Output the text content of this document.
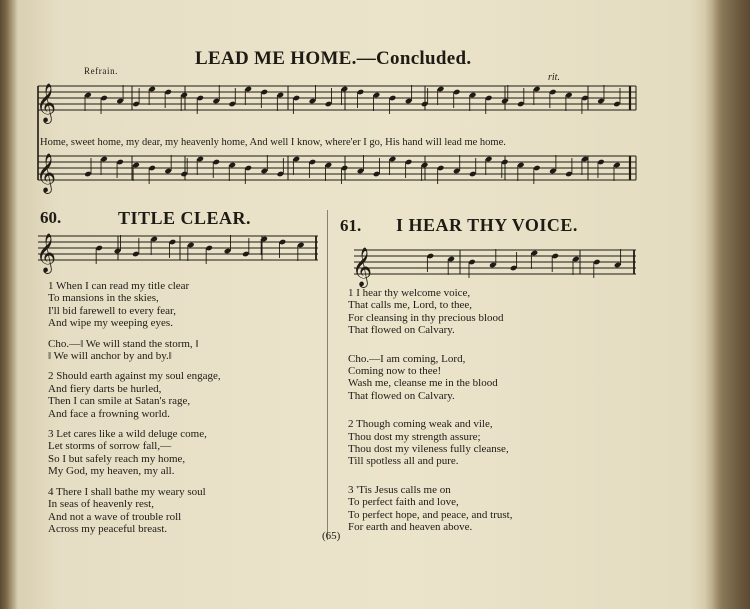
𝄞
𝄞
𝄞	𝄞
LEAD ME HOME.—Concluded.
Refrain.
rit.
Home, sweet home, my dear, my heavenly home, And well I know, where'er I go, His hand will lead me home.
60.	TITLE CLEAR.	61. I HEAR THY VOICE.
1 When I can read my title clear
To mansions in the skies,
I'll bid farewell to every fear,
And wipe my weeping eyes.
Cho.—‖ We will stand the storm, ‖
‖ We will anchor by and by.‖
2 Should earth against my soul engage,
And fiery darts be hurled,
Then I can smile at Satan's rage,
And face a frowning world.
3 Let cares like a wild deluge come,
Let storms of sorrow fall,—
So I but safely reach my home,
My God, my heaven, my all.
4 There I shall bathe my weary soul
In seas of heavenly rest,
And not a wave of trouble roll
Across my peaceful breast.
1 I hear thy welcome voice,
That calls me, Lord, to thee,
For cleansing in thy precious blood
That flowed on Calvary.
Cho.—I am coming, Lord,
Coming now to thee!
Wash me, cleanse me in the blood
That flowed on Calvary.
2 Though coming weak and vile,
Thou dost my strength assure;
Thou dost my vileness fully cleanse,
Till spotless all and pure.
3 'Tis Jesus calls me on
To perfect faith and love,
To perfect hope, and peace, and trust,
For earth and heaven above.
(65)
